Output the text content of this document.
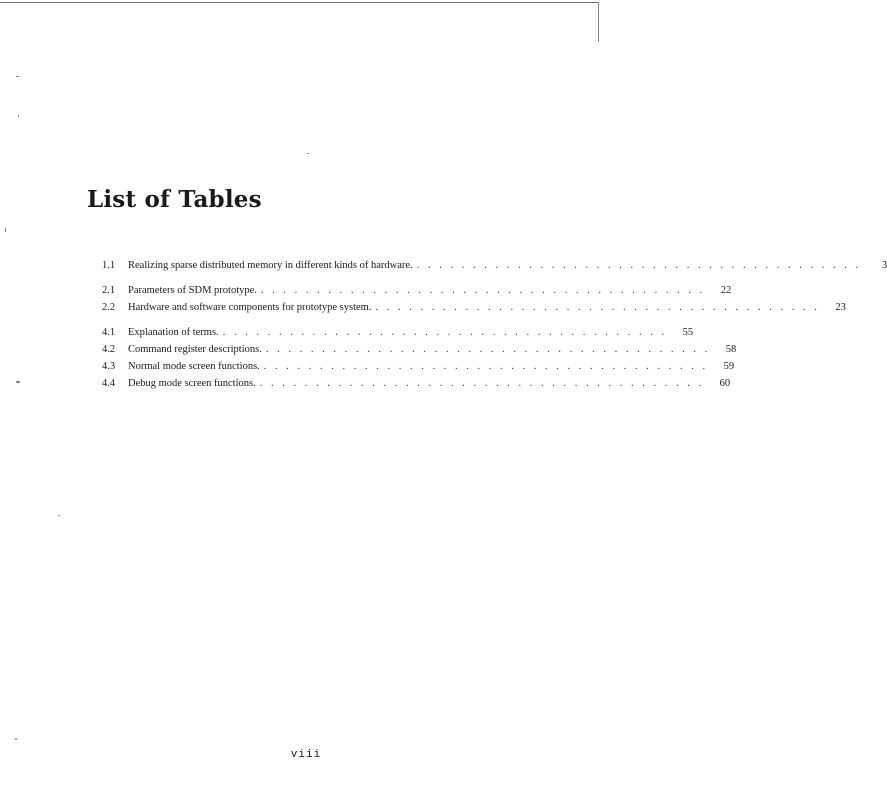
List of Tables
1.1	Realizing sparse distributed memory in different kinds of hardware. . . . . . . . . . . . . . . . . . . . . . . . . . . . . . . . . . . . . . . . .	3
2.1	Parameters of SDM prototype. . . . . . . . . . . . . . . . . . . . . . . . . . . . . . . . . . . . . . . . .	22
2.2	Hardware and software components for prototype system. . . . . . . . . . . . . . . . . . . . . . . . . . . . . . . . . . . . . . . . .	23
4.1	Explanation of terms. . . . . . . . . . . . . . . . . . . . . . . . . . . . . . . . . . . . . . . . .	55
4.2	Command register descriptions. . . . . . . . . . . . . . . . . . . . . . . . . . . . . . . . . . . . . . . . .	58
4.3	Normal mode screen functions. . . . . . . . . . . . . . . . . . . . . . . . . . . . . . . . . . . . . . . . .	59
4.4	Debug mode screen functions. . . . . . . . . . . . . . . . . . . . . . . . . . . . . . . . . . . . . . . . .	60
viii
